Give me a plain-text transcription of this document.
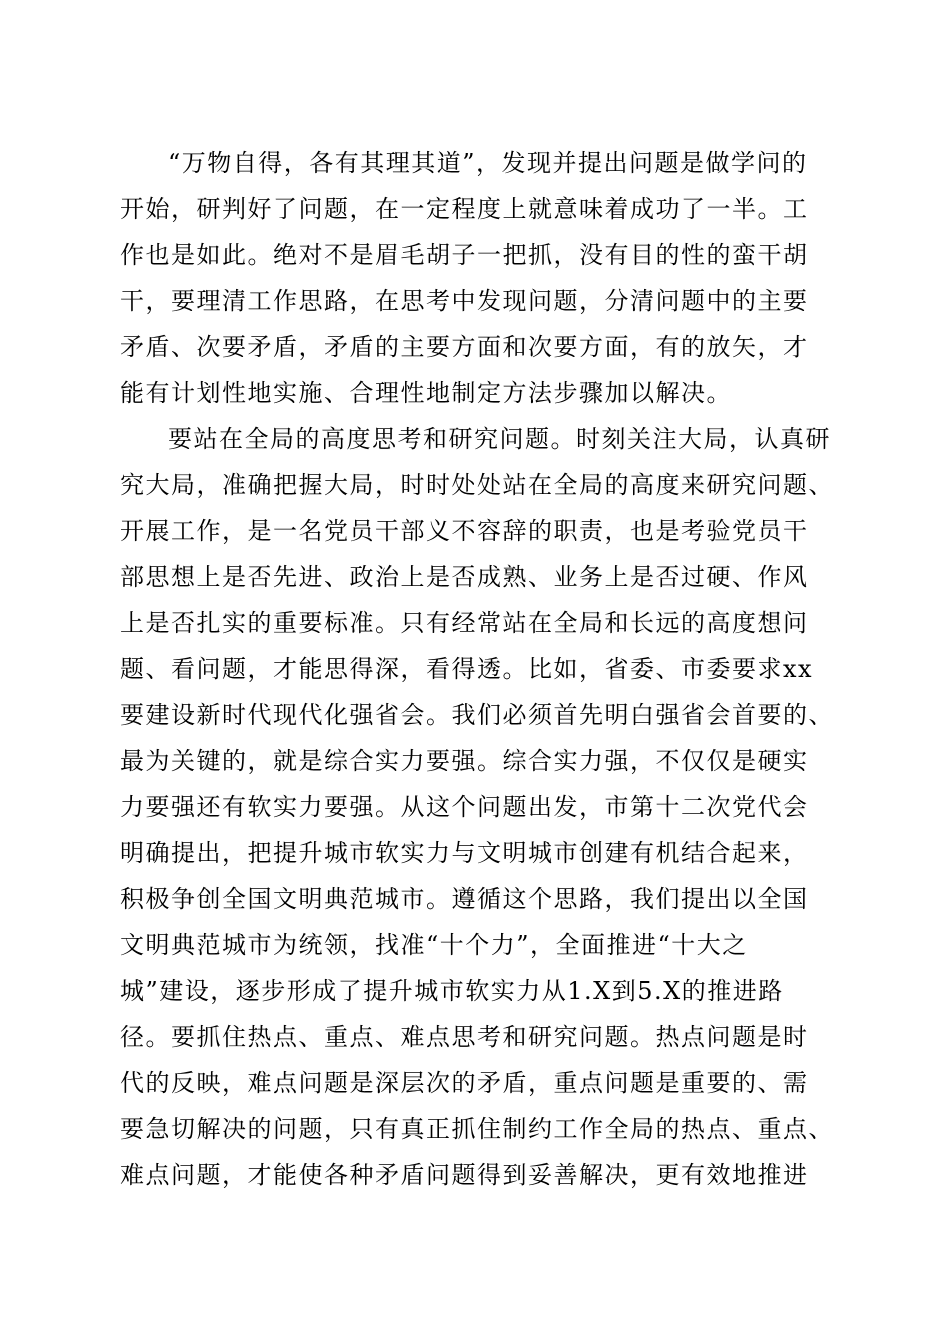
“万物自得，各有其理其道”，发现并提出问题是做学问的
开始，研判好了问题，在一定程度上就意味着成功了一半。工
作也是如此。绝对不是眉毛胡子一把抓，没有目的性的蛮干胡
干，要理清工作思路，在思考中发现问题，分清问题中的主要
矛盾、次要矛盾，矛盾的主要方面和次要方面，有的放矢，才
能有计划性地实施、合理性地制定方法步骤加以解决。
要站在全局的高度思考和研究问题。时刻关注大局，认真研
究大局，准确把握大局，时时处处站在全局的高度来研究问题、
开展工作，是一名党员干部义不容辞的职责，也是考验党员干
部思想上是否先进、政治上是否成熟、业务上是否过硬、作风
上是否扎实的重要标准。只有经常站在全局和长远的高度想问
题、看问题，才能思得深，看得透。比如，省委、市委要求xx
要建设新时代现代化强省会。我们必须首先明白强省会首要的、
最为关键的，就是综合实力要强。综合实力强，不仅仅是硬实
力要强还有软实力要强。从这个问题出发，市第十二次党代会
明确提出，把提升城市软实力与文明城市创建有机结合起来，
积极争创全国文明典范城市。遵循这个思路，我们提出以全国
文明典范城市为统领，找准“十个力”，全面推进“十大之
城”建设，逐步形成了提升城市软实力从1.X到5.X的推进路
径。要抓住热点、重点、难点思考和研究问题。热点问题是时
代的反映，难点问题是深层次的矛盾，重点问题是重要的、需
要急切解决的问题，只有真正抓住制约工作全局的热点、重点、
难点问题，才能使各种矛盾问题得到妥善解决，更有效地推进
